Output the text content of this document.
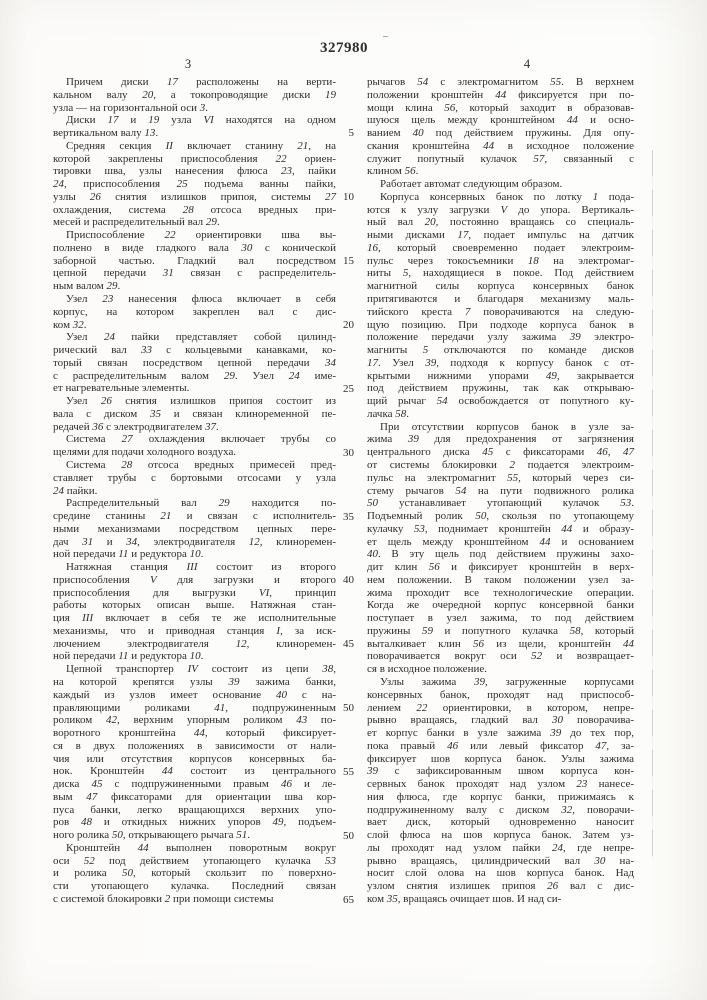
327980
3	4
Причем диски 17 расположены на верти-
кальном валу 20, а токопроводящие диски 19
узла — на горизонтальной оси 3.
Диски 17 и 19 узла VI находятся на одном
вертикальном валу 13.
Средняя секция II включает станину 21, на
которой закреплены приспособления 22 ориен-
тировки шва, узлы нанесения флюса 23, пайки
24, приспособления 25 подъема ванны пайки,
узлы 26 снятия излишков припоя, системы 27
охлаждения, система 28 отсоса вредных при-
месей и распределительный вал 29.
Приспособление 22 ориентировки шва вы-
полнено в виде гладкого вала 30 с конической
заборной частью. Гладкий вал посредством
цепной передачи 31 связан с распределитель-
ным валом 29.
Узел 23 нанесения флюса включает в себя
корпус, на котором закреплен вал с дис-
ком 32.
Узел 24 пайки представляет собой цилинд-
рический вал 33 с кольцевыми канавками, ко-
торый связан посредством цепной передачи 34
с распределительным валом 29. Узел 24 име-
ет нагревательные элементы.
Узел 26 снятия излишков припоя состоит из
вала с диском 35 и связан клиноременной пе-
редачей 36 с электродвигателем 37.
Система 27 охлаждения включает трубы со
щелями для подачи холодного воздуха.
Система 28 отсоса вредных примесей пред-
ставляет трубы с бортовыми отсосами у узла
24 пайки.
Распределительный вал 29 находится по-
средине станины 21 и связан с исполнитель-
ными механизмами посредством цепных пере-
дач 31 и 34, электродвигателя 12, клиноремен-
ной передачи 11 и редуктора 10.
Натяжная станция III состоит из второго
приспособления V для загрузки и второго
приспособления для выгрузки VI, принцип
работы которых описан выше. Натяжная стан-
ция III включает в себя те же исполнительные
механизмы, что и приводная станция I, за иск-
лючением электродвигателя 12, клиноремен-
ной передачи 11 и редуктора 10.
Цепной транспортер IV состоит из цепи 38,
на которой крепятся узлы 39 зажима банки,
каждый из узлов имеет основание 40 с на-
правляющими роликами 41, подпружиненным
роликом 42, верхним упорным роликом 43 по-
воротного кронштейна 44, который фиксирует-
ся в двух положениях в зависимости от нали-
чия или отсутствия корпусов консервных ба-
нок. Кронштейн 44 состоит из центрального
диска 45 с подпружиненными правым 46 и ле-
вым 47 фиксаторами для ориентации шва кор-
пуса банки, легко вращающихся верхних упо-
ров 48 и откидных нижних упоров 49, подъем-
ного ролика 50, открывающего рычага 51.
Кронштейн 44 выполнен поворотным вокруг
оси 52 под действием утопающего кулачка 53
и ролика 50, который скользит по поверхно-
сти утопающего кулачка. Последний связан
с системой блокировки 2 при помощи системы
5
10
15
20
25
30
35
40
45
50
55
50
65
рычагов 54 с электромагнитом 55. В верхнем
положении кронштейн 44 фиксируется при по-
мощи клина 56, который заходит в образовав-
шуюся щель между кронштейном 44 и осно-
ванием 40 под действием пружины. Для опу-
скания кронштейна 44 в исходное положение
служит попутный кулачок 57, связанный с
клином 56.
Работает автомат следующим образом.
Корпуса консервных банок по лотку 1 пода-
ются к узлу загрузки V до упора. Вертикаль-
ный вал 20, постоянно вращаясь со специаль-
ными дисками 17, подает импульс на датчик
16, который своевременно подает электроим-
пульс через токосъемники 18 на электромаг-
ниты 5, находящиеся в покое. Под действием
магнитной силы корпуса консервных банок
притягиваются и благодаря механизму маль-
тийского креста 7 поворачиваются на следую-
щую позицию. При подходе корпуса банок в
положение передачи узлу зажима 39 электро-
магниты 5 отключаются по команде дисков
17. Узел 39, подходя к корпусу банок с от-
крытыми нижними упорами 49, закрывается
под действием пружины, так как открываю-
щий рычаг 54 освобождается от попутного ку-
лачка 58.
При отсутствии корпусов банок в узле за-
жима 39 для предохранения от загрязнения
центрального диска 45 с фиксаторами 46, 47
от системы блокировки 2 подается электроим-
пульс на электромагнит 55, который через си-
стему рычагов 54 на пути подвижного ролика
50 устанавливает утопающий кулачок 53.
Подъемный ролик 50, скользя по утопающему
кулачку 53, поднимает кронштейн 44 и образу-
ет щель между кронштейном 44 и основанием
40. В эту щель под действием пружины захо-
дит клин 56 и фиксирует кронштейн в верх-
нем положении. В таком положении узел за-
жима проходит все технологические операции.
Когда же очередной корпус консервной банки
поступает в узел зажима, то под действием
пружины 59 и попутного кулачка 58, который
выталкивает клин 56 из щели, кронштейн 44
поворачивается вокруг оси 52 и возвращает-
ся в исходное положение.
Узлы зажима 39, загруженные корпусами
консервных банок, проходят над приспособ-
лением 22 ориентировки, в котором, непре-
рывно вращаясь, гладкий вал 30 поворачива-
ет корпус банки в узле зажима 39 до тех пор,
пока правый 46 или левый фиксатор 47, за-
фиксирует шов корпуса банок. Узлы зажима
39 с зафиксированным швом корпуса кон-
сервных банок проходят над узлом 23 нанесе-
ния флюса, где корпус банки, прижимаясь к
подпружиненному валу с диском 32, поворачи-
вает диск, который одновременно наносит
слой флюса на шов корпуса банок. Затем уз-
лы проходят над узлом пайки 24, где непре-
рывно вращаясь, цилиндрический вал 30 на-
носит слой олова на шов корпуса банок. Над
узлом снятия излишек припоя 26 вал с дис-
ком 35, вращаясь очищает шов. И над си-
